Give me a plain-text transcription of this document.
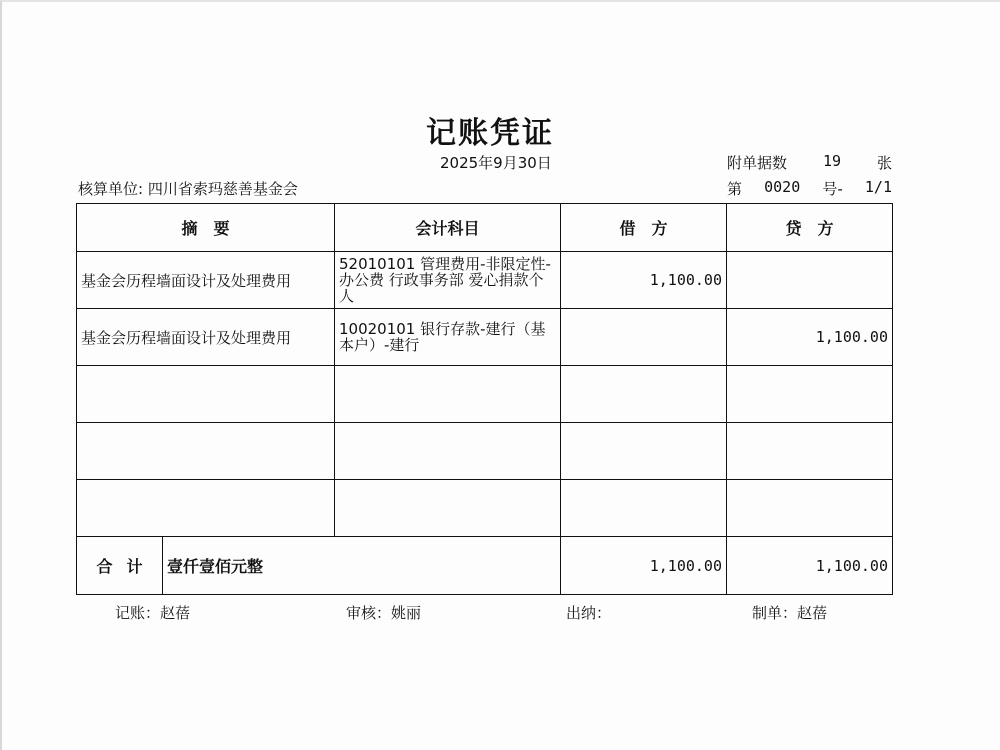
记账凭证
2025年9月30日	附单据数 19 张
核算单位: 四川省索玛慈善基金会	第 0020 号- 1/1
摘　要	会计科目	借　方	贷　方
基金会历程墙面设计及处理费用	52010101 管理费用-非限定性-办公费 行政事务部 爱心捐款个人	1,100.00	
基金会历程墙面设计及处理费用	10020101 银行存款-建行（基本户）-建行		1,100.00

合计 壹仟壹佰元整		1,100.00	1,100.00
记账：赵蓓	审核：姚丽	出纳：	制单：赵蓓
